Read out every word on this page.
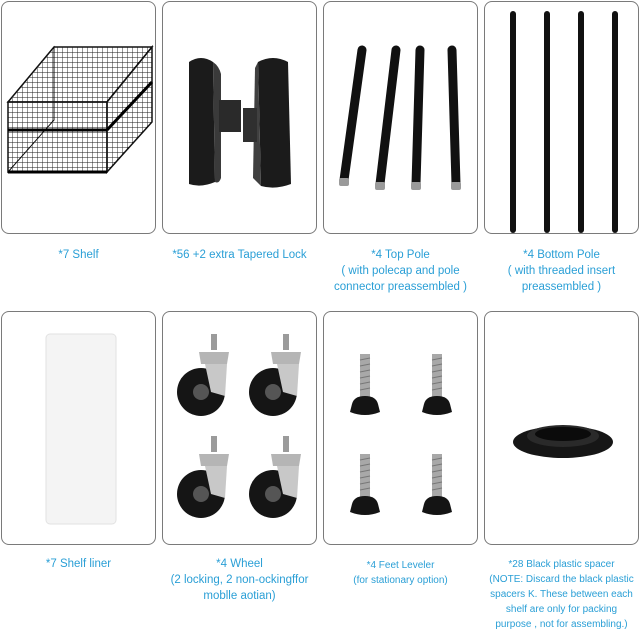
*7 Shelf	*56 +2 extra Tapered Lock	*4 Top Pole
( with polecap and pole
connector preassembled )
*4 Bottom Pole
( with threaded insert
preassembled )
*7 Shelf liner	*4 Wheel
(2 locking, 2 non-ockingffor
moblle aotian)
*4 Feet Leveler
(for stationary option)
*28 Black plastic spacer
(NOTE: Discard the black plastic
spacers K. These between each
shelf are only for packing
purpose , not for assembling.)
